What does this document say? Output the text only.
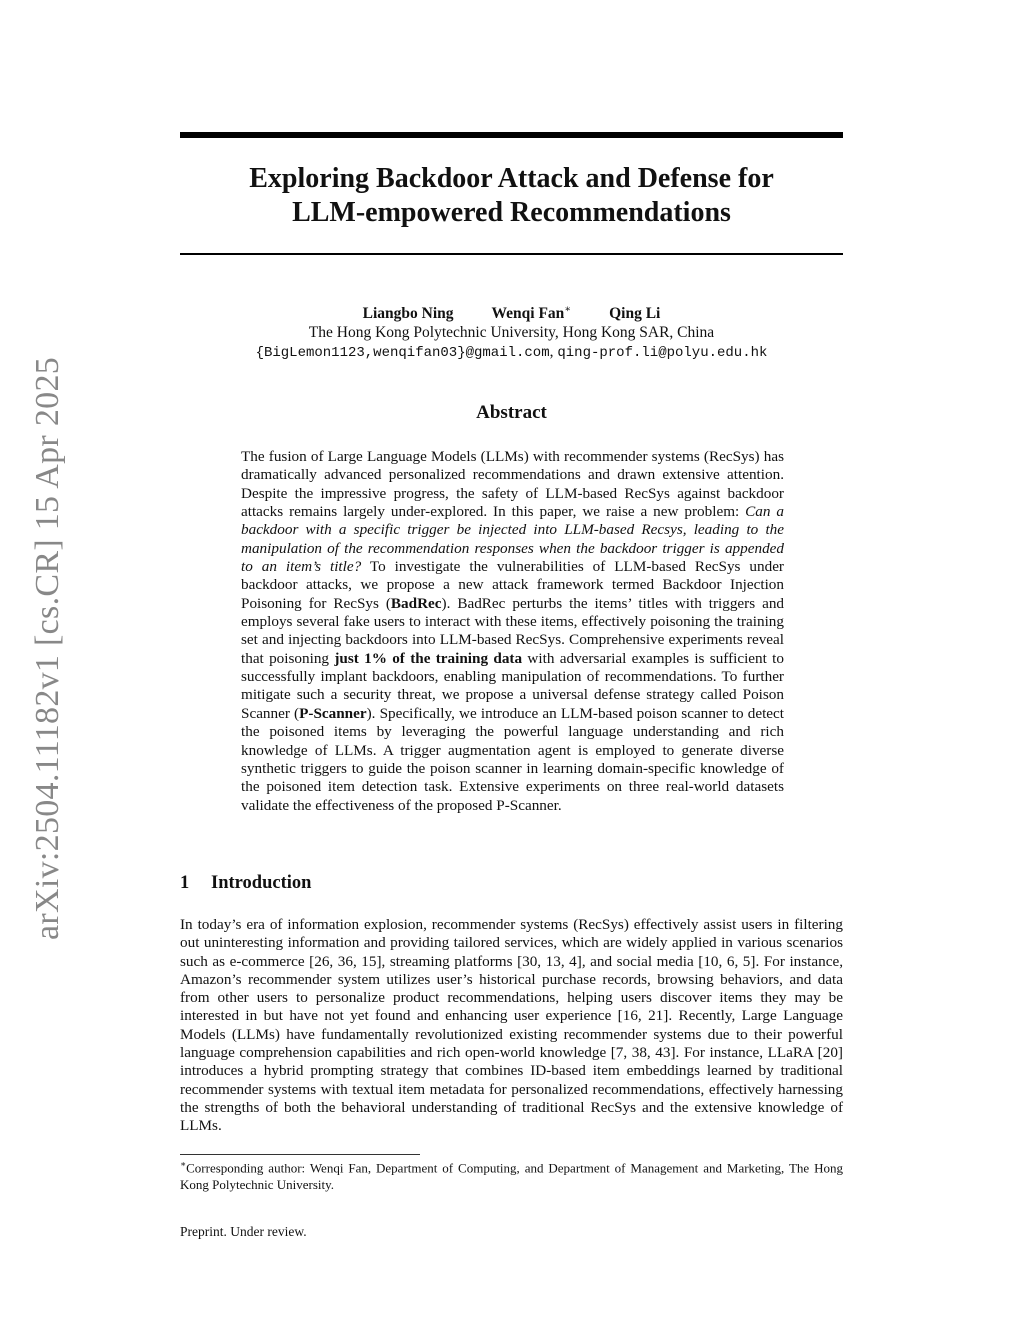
arXiv:2504.11182v1 [cs.CR] 15 Apr 2025
Exploring Backdoor Attack and Defense for
LLM-empowered Recommendations
Liangbo Ning Wenqi Fan∗ Qing Li
The Hong Kong Polytechnic University, Hong Kong SAR, China
{BigLemon1123,wenqifan03}@gmail.com, qing-prof.li@polyu.edu.hk
Abstract
The fusion of Large Language Models (LLMs) with recommender systems (RecSys) has dramatically advanced personalized recommendations and drawn extensive attention. Despite the impressive progress, the safety of LLM-based RecSys against backdoor attacks remains largely under-explored. In this paper, we raise a new problem: Can a backdoor with a specific trigger be injected into LLM-based Recsys, leading to the manipulation of the recommendation responses when the backdoor trigger is appended to an item’s title? To investigate the vulnerabilities of LLM-based RecSys under backdoor attacks, we propose a new attack framework termed Backdoor Injection Poisoning for RecSys (BadRec). BadRec perturbs the items’ titles with triggers and employs several fake users to interact with these items, effectively poisoning the training set and injecting backdoors into LLM-based RecSys. Comprehensive experiments reveal that poisoning just 1% of the training data with adversarial examples is sufficient to successfully implant backdoors, enabling manipulation of recommendations. To further mitigate such a security threat, we propose a universal defense strategy called Poison Scanner (P-Scanner). Specifically, we introduce an LLM-based poison scanner to detect the poisoned items by leveraging the powerful language understanding and rich knowledge of LLMs. A trigger augmentation agent is employed to generate diverse synthetic triggers to guide the poison scanner in learning domain-specific knowledge of the poisoned item detection task. Extensive experiments on three real-world datasets validate the effectiveness of the proposed P-Scanner.
1 Introduction
In today’s era of information explosion, recommender systems (RecSys) effectively assist users in filtering out uninteresting information and providing tailored services, which are widely applied in various scenarios such as e-commerce [26, 36, 15], streaming platforms [30, 13, 4], and social media [10, 6, 5]. For instance, Amazon’s recommender system utilizes user’s historical purchase records, browsing behaviors, and data from other users to personalize product recommendations, helping users discover items they may be interested in but have not yet found and enhancing user experience [16, 21]. Recently, Large Language Models (LLMs) have fundamentally revolutionized existing recommender systems due to their powerful language comprehension capabilities and rich open-world knowledge [7, 38, 43]. For instance, LLaRA [20] introduces a hybrid prompting strategy that combines ID-based item embeddings learned by traditional recommender systems with textual item metadata for personalized recommendations, effectively harnessing the strengths of both the behavioral understanding of traditional RecSys and the extensive knowledge of LLMs.
∗Corresponding author: Wenqi Fan, Department of Computing, and Department of Management and Marketing, The Hong Kong Polytechnic University.
Preprint. Under review.
